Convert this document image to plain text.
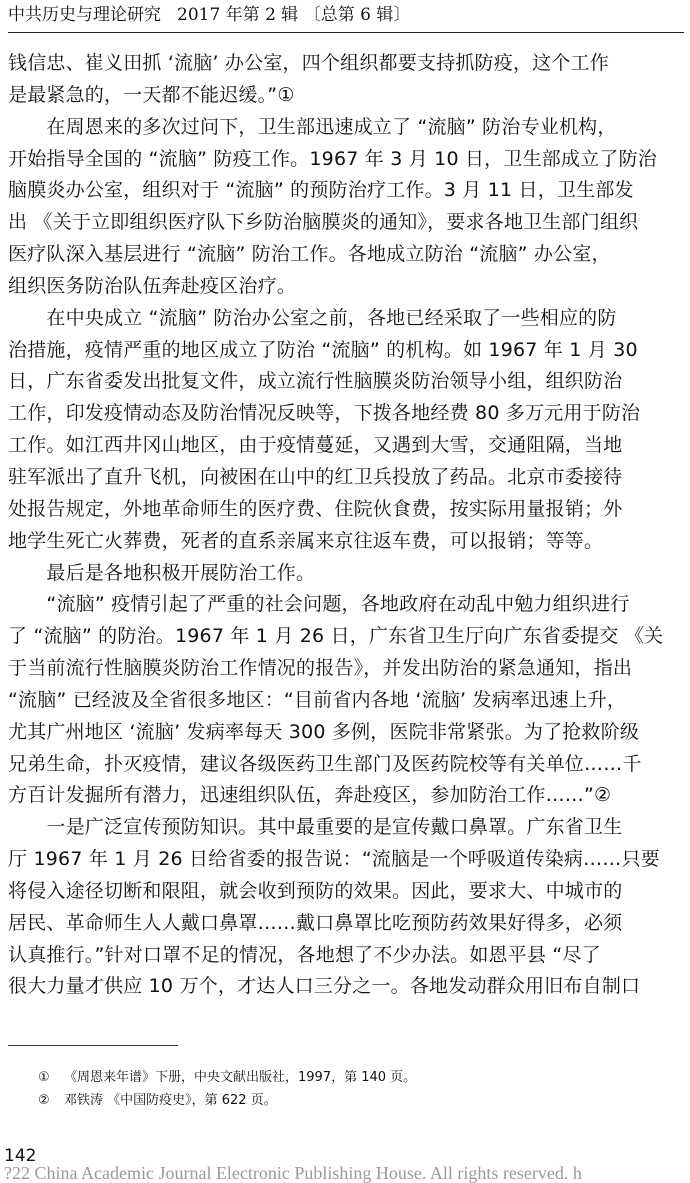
中共历史与理论研究 2017 年第 2 辑 〔总第 6 辑〕
钱信忠、崔义田抓 ‘流脑’ 办公室，四个组织都要支持抓防疫，这个工作
是最紧急的，一天都不能迟缓。”①
　　在周恩来的多次过问下，卫生部迅速成立了 “流脑” 防治专业机构，
开始指导全国的 “流脑” 防疫工作。1967 年 3 月 10 日，卫生部成立了防治
脑膜炎办公室，组织对于 “流脑” 的预防治疗工作。3 月 11 日，卫生部发
出 《关于立即组织医疗队下乡防治脑膜炎的通知》，要求各地卫生部门组织
医疗队深入基层进行 “流脑” 防治工作。各地成立防治 “流脑” 办公室，
组织医务防治队伍奔赴疫区治疗。
　　在中央成立 “流脑” 防治办公室之前，各地已经采取了一些相应的防
治措施，疫情严重的地区成立了防治 “流脑” 的机构。如 1967 年 1 月 30
日，广东省委发出批复文件，成立流行性脑膜炎防治领导小组，组织防治
工作，印发疫情动态及防治情况反映等，下拨各地经费 80 多万元用于防治
工作。如江西井冈山地区，由于疫情蔓延，又遇到大雪，交通阻隔，当地
驻军派出了直升飞机，向被困在山中的红卫兵投放了药品。北京市委接待
处报告规定，外地革命师生的医疗费、住院伙食费，按实际用量报销；外
地学生死亡火葬费，死者的直系亲属来京往返车费，可以报销；等等。
　　最后是各地积极开展防治工作。
　　“流脑” 疫情引起了严重的社会问题，各地政府在动乱中勉力组织进行
了 “流脑” 的防治。1967 年 1 月 26 日，广东省卫生厅向广东省委提交 《关
于当前流行性脑膜炎防治工作情况的报告》，并发出防治的紧急通知，指出
“流脑” 已经波及全省很多地区：“目前省内各地 ‘流脑’ 发病率迅速上升，
尤其广州地区 ‘流脑’ 发病率每天 300 多例，医院非常紧张。为了抢救阶级
兄弟生命，扑灭疫情，建议各级医药卫生部门及医药院校等有关单位……千
方百计发掘所有潜力，迅速组织队伍，奔赴疫区，参加防治工作……”②
　　一是广泛宣传预防知识。其中最重要的是宣传戴口鼻罩。广东省卫生
厅 1967 年 1 月 26 日给省委的报告说：“流脑是一个呼吸道传染病……只要
将侵入途径切断和限阻，就会收到预防的效果。因此，要求大、中城市的
居民、革命师生人人戴口鼻罩……戴口鼻罩比吃预防药效果好得多，必须
认真推行。”针对口罩不足的情况，各地想了不少办法。如恩平县 “尽了
很大力量才供应 10 万个，才达人口三分之一。各地发动群众用旧布自制口
① 《周恩来年谱》下册，中央文献出版社，1997，第 140 页。
② 邓铁涛 《中国防疫史》，第 622 页。
142
?22 China Academic Journal Electronic Publishing House. All rights reserved. h
